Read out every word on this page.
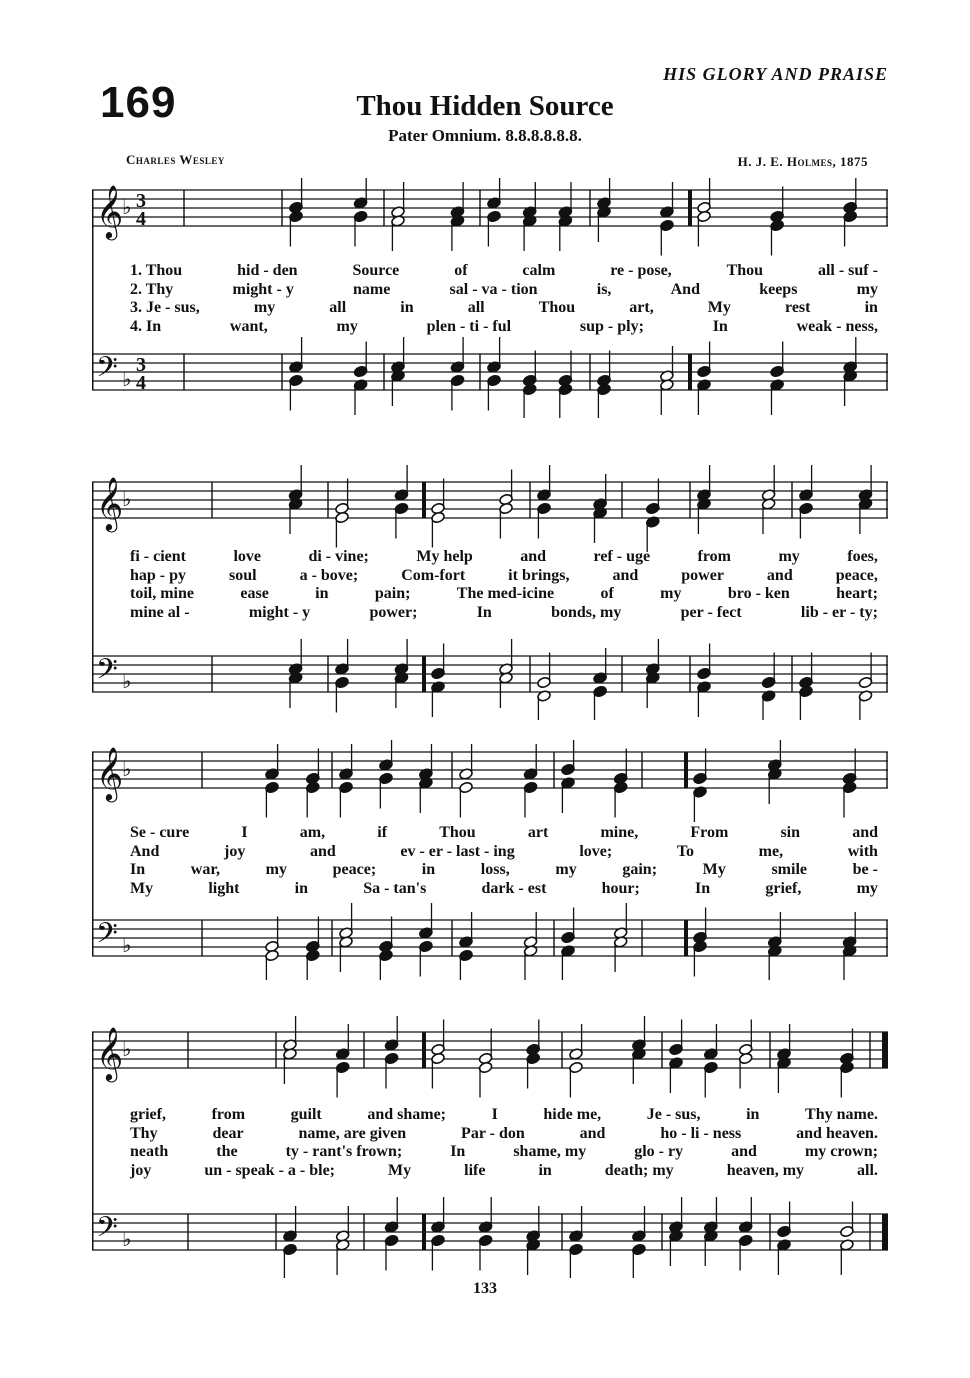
169
HIS GLORY AND PRAISE
Thou Hidden Source
Pater Omnium. 8.8.8.8.8.8.
Charles Wesley	H. J. E. Holmes, 1875
𝄞
♭ 3
4
𝄢 ♭
3
4
1. Thou	hid - den	Source	of	calm	re - pose,	Thou	all - suf -
2. Thy	might - y	name	sal - va - tion	is,	And	keeps	my
3. Je - sus,	my	all	in	all	Thou	art,	My	rest	in
4. In	want,	my	plen - ti - ful	sup - ply;	In	weak - ness,
𝄞
♭
𝄢 ♭
fi - cient	love	di - vine;	My help	and	ref - uge	from	my	foes,
hap - py	soul	a - bove;	Com-fort	it brings,	and	power	and	peace,
toil, mine	ease	in	pain;	The med-icine	of	my	bro - ken	heart;
mine al -	might - y	power;	In	bonds, my	per - fect	lib - er - ty;
𝄞
♭
𝄢 ♭
Se - cure	I	am,	if	Thou	art	mine,	From	sin	and
And	joy	and	ev - er - last - ing	love;	To	me,	with
In	war,	my	peace;	in	loss,	my	gain;	My	smile	be -
My	light	in	Sa - tan's	dark - est	hour;	In	grief,	my
𝄞
♭
𝄢 ♭
grief,	from	guilt	and shame;	I	hide me,	Je - sus,	in	Thy name.
Thy	dear	name, are given	Par - don	and	ho - li - ness	and heaven.
neath	the	ty - rant's frown;	In	shame, my	glo - ry	and	my crown;
joy	un - speak - a - ble;	My	life	in	death; my	heaven, my	all.
133
